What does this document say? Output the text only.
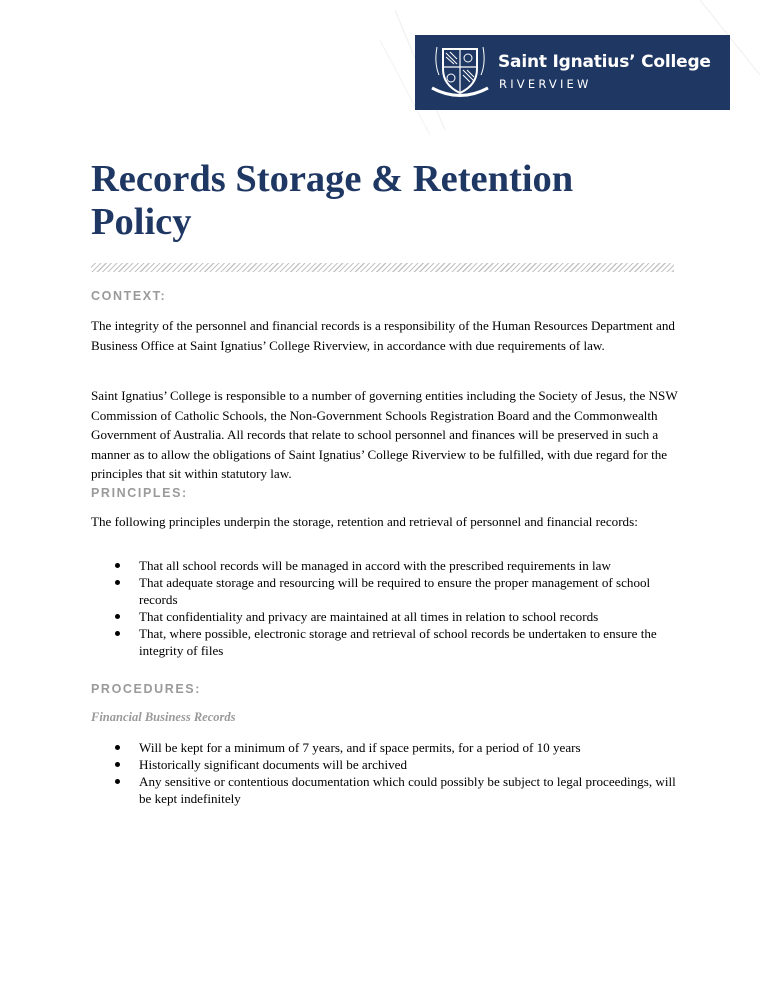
Saint Ignatius’ College
RIVERVIEW
Records Storage & Retention Policy
CONTEXT:

The integrity of the personnel and financial records is a responsibility of the Human Resources Department and Business Office at Saint Ignatius’ College Riverview, in accordance with due requirements of law.

Saint Ignatius’ College is responsible to a number of governing entities including the Society of Jesus, the NSW Commission of Catholic Schools, the Non-Government Schools Registration Board and the Commonwealth Government of Australia. All records that relate to school personnel and finances will be preserved in such a manner as to allow the obligations of Saint Ignatius’ College Riverview to be fulfilled, with due regard for the principles that sit within statutory law.

PRINCIPLES:

The following principles underpin the storage, retention and retrieval of personnel and financial records:

That all school records will be managed in accord with the prescribed requirements in law
That adequate storage and resourcing will be required to ensure the proper management of school records
That confidentiality and privacy are maintained at all times in relation to school records
That, where possible, electronic storage and retrieval of school records be undertaken to ensure the integrity of files
PROCEDURES:
Financial Business Records
Will be kept for a minimum of 7 years, and if space permits, for a period of 10 years
Historically significant documents will be archived
Any sensitive or contentious documentation which could possibly be subject to legal proceedings, will be kept indefinitely
